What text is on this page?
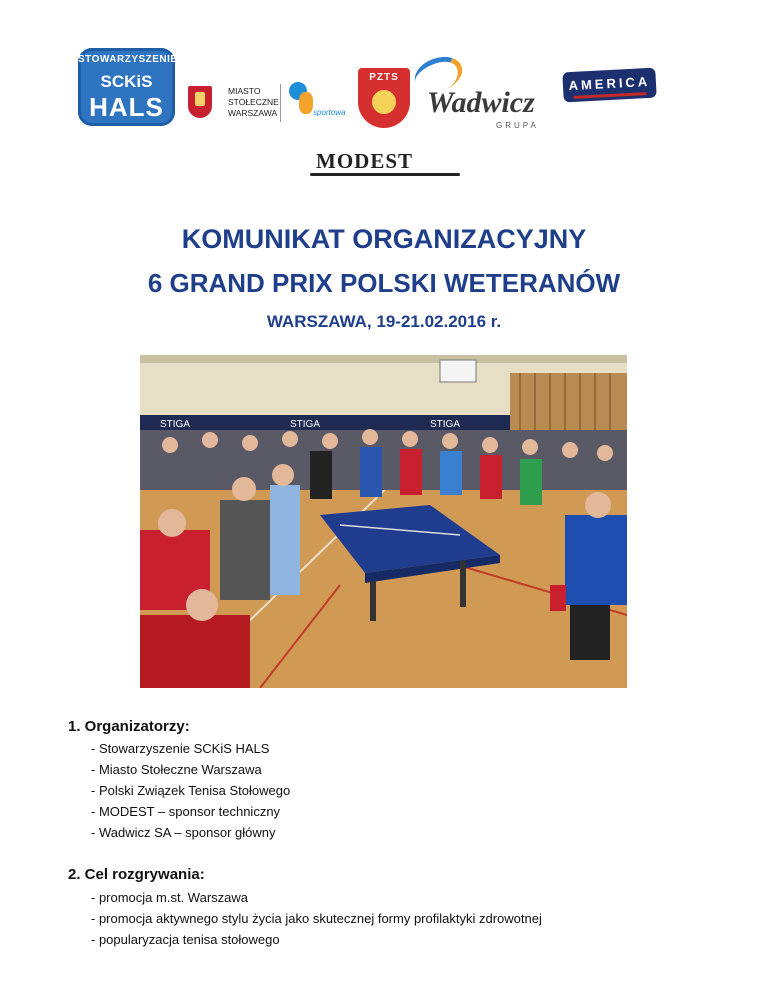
STOWARZYSZENIE
SCKiS
HALS
MIASTO
STOŁECZNE
WARSZAWA	sportowa
PZTS
Wadwicz
GRUPA
AMERICA
MODEST
KOMUNIKAT ORGANIZACYJNY
6 GRAND PRIX POLSKI WETERANÓW
WARSZAWA, 19-21.02.2016 r.
STIGA	STIGA	STIGA
1. Organizatorzy:
- Stowarzyszenie SCKiS HALS
- Miasto Stołeczne Warszawa
- Polski Związek Tenisa Stołowego
- MODEST – sponsor techniczny
- Wadwicz SA – sponsor główny
2. Cel rozgrywania:
- promocja m.st. Warszawa
- promocja aktywnego stylu życia jako skutecznej formy profilaktyki zdrowotnej
- popularyzacja tenisa stołowego
